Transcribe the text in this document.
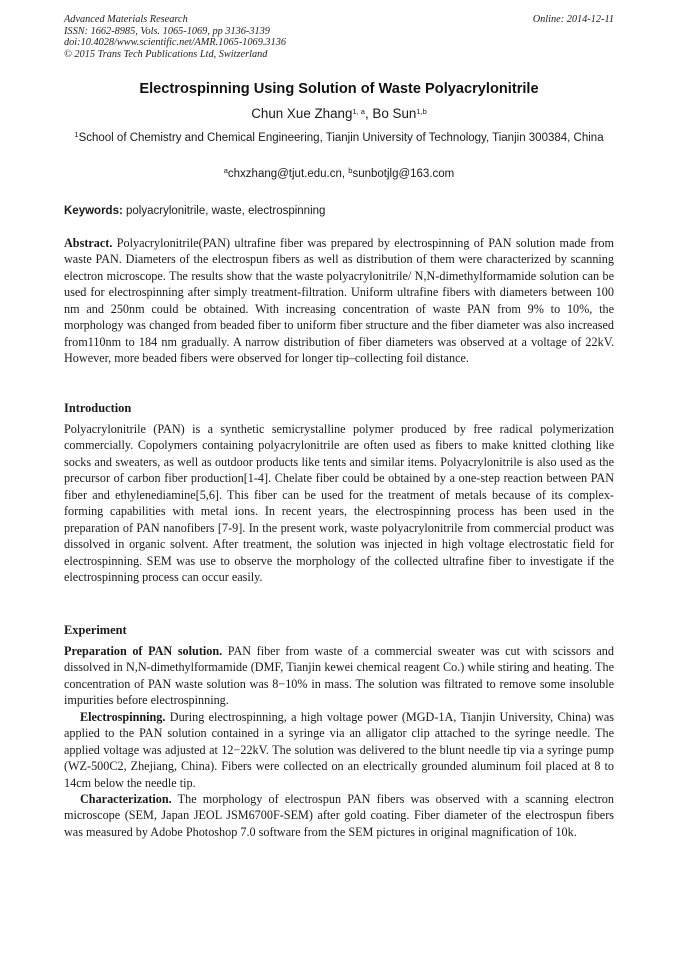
Advanced Materials Research
ISSN: 1662-8985, Vols. 1065-1069, pp 3136-3139
doi:10.4028/www.scientific.net/AMR.1065-1069.3136
© 2015 Trans Tech Publications Ltd, Switzerland
Online: 2014-12-11
Electrospinning Using Solution of Waste Polyacrylonitrile
Chun Xue Zhang$^{1, a}$, Bo Sun$^{1,b}$
$^1$School of Chemistry and Chemical Engineering, Tianjin University of Technology, Tianjin 300384, China
$^a$chxzhang@tjut.edu.cn, $^b$sunbotjlg@163.com
Keywords: polyacrylonitrile, waste, electrospinning

Abstract. Polyacrylonitrile(PAN) ultrafine fiber was prepared by electrospinning of PAN solution made from waste PAN. Diameters of the electrospun fibers as well as distribution of them were characterized by scanning electron microscope. The results show that the waste polyacrylonitrile/ N,N-dimethylformamide solution can be used for electrospinning after simply treatment-filtration. Uniform ultrafine fibers with diameters between 100 nm and 250nm could be obtained. With increasing concentration of waste PAN from 9% to 10%, the morphology was changed from beaded fiber to uniform fiber structure and the fiber diameter was also increased from110nm to 184 nm gradually. A narrow distribution of fiber diameters was observed at a voltage of 22kV. However, more beaded fibers were observed for longer tip–collecting foil distance.

Introduction

Polyacrylonitrile (PAN) is a synthetic semicrystalline polymer produced by free radical polymerization commercially. Copolymers containing polyacrylonitrile are often used as fibers to make knitted clothing like socks and sweaters, as well as outdoor products like tents and similar items. Polyacrylonitrile is also used as the precursor of carbon fiber production[1-4]. Chelate fiber could be obtained by a one-step reaction between PAN fiber and ethylenediamine[5,6]. This fiber can be used for the treatment of metals because of its complex-forming capabilities with metal ions. In recent years, the electrospinning process has been used in the preparation of PAN nanofibers [7-9]. In the present work, waste polyacrylonitrile from commercial product was dissolved in organic solvent. After treatment, the solution was injected in high voltage electrostatic field for electrospinning. SEM was use to observe the morphology of the collected ultrafine fiber to investigate if the electrospinning process can occur easily.

Experiment

Preparation of PAN solution. PAN fiber from waste of a commercial sweater was cut with scissors and dissolved in N,N-dimethylformamide (DMF, Tianjin kewei chemical reagent Co.) while stiring and heating. The concentration of PAN waste solution was 8−10% in mass. The solution was filtrated to remove some insoluble impurities before electrospinning.

Electrospinning. During electrospinning, a high voltage power (MGD-1A, Tianjin University, China) was applied to the PAN solution contained in a syringe via an alligator clip attached to the syringe needle. The applied voltage was adjusted at 12−22kV. The solution was delivered to the blunt needle tip via a syringe pump (WZ-500C2, Zhejiang, China). Fibers were collected on an electrically grounded aluminum foil placed at 8 to 14cm below the needle tip.

Characterization. The morphology of electrospun PAN fibers was observed with a scanning electron microscope (SEM, Japan JEOL JSM6700F-SEM) after gold coating. Fiber diameter of the electrospun fibers was measured by Adobe Photoshop 7.0 software from the SEM pictures in original magnification of 10k.
